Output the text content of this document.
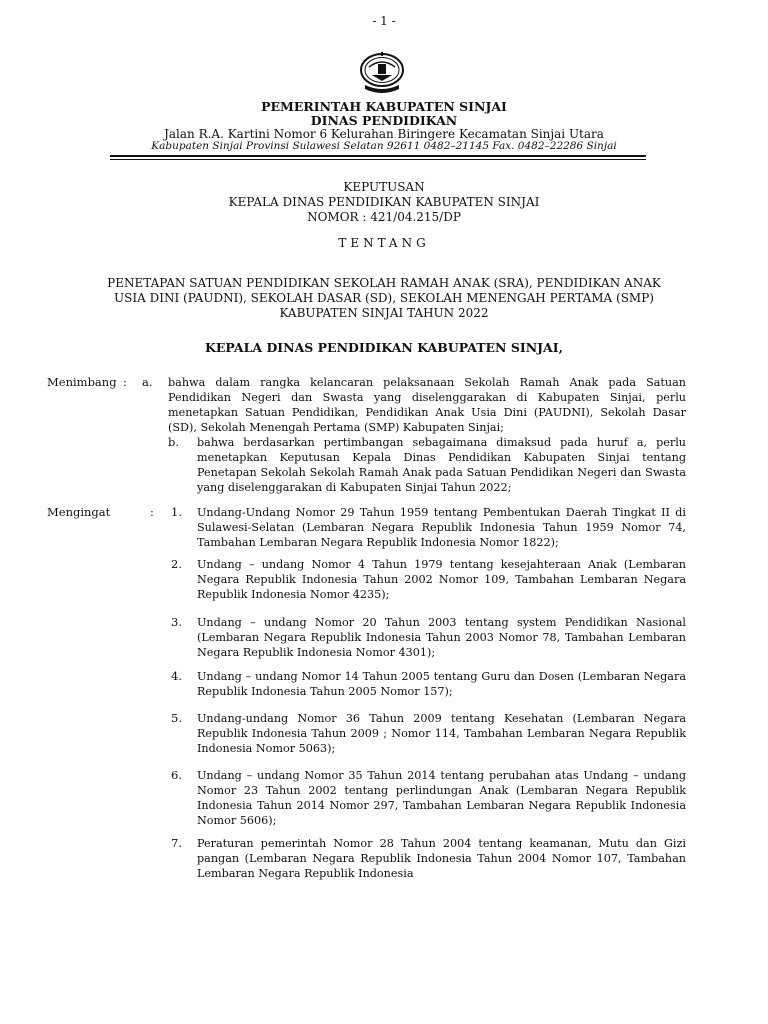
- 1 -
PEMERINTAH KABUPATEN SINJAI
DINAS PENDIDIKAN
Jalan R.A. Kartini Nomor 6 Kelurahan Biringere Kecamatan Sinjai Utara
Kabupaten Sinjai Provinsi Sulawesi Selatan 92611 0482–21145 Fax. 0482–22286 Sinjai
KEPUTUSAN
KEPALA DINAS PENDIDIKAN KABUPATEN SINJAI
NOMOR : 421/04.215/DP
TENTANG
PENETAPAN SATUAN PENDIDIKAN SEKOLAH RAMAH ANAK (SRA), PENDIDIKAN ANAK
USIA DINI (PAUDNI), SEKOLAH DASAR (SD), SEKOLAH MENENGAH PERTAMA (SMP)
KABUPATEN SINJAI TAHUN 2022
KEPALA DINAS PENDIDIKAN KABUPATEN SINJAI,
Menimbang : a. bahwa dalam rangka kelancaran pelaksanaan Sekolah Ramah Anak pada Satuan Pendidikan Negeri dan Swasta yang diselenggarakan di Kabupaten Sinjai, perlu menetapkan Satuan Pendidikan, Pendidikan Anak Usia Dini (PAUDNI), Sekolah Dasar (SD), Sekolah Menengah Pertama (SMP) Kabupaten Sinjai;
b. bahwa berdasarkan pertimbangan sebagaimana dimaksud pada huruf a, perlu menetapkan Keputusan Kepala Dinas Pendidikan Kabupaten Sinjai tentang Penetapan Sekolah Sekolah Ramah Anak pada Satuan Pendidikan Negeri dan Swasta yang diselenggarakan di Kabupaten Sinjai Tahun 2022;
Mengingat	: 1. Undang-Undang Nomor 29 Tahun 1959 tentang Pembentukan Daerah Tingkat II di Sulawesi-Selatan (Lembaran Negara Republik Indonesia Tahun 1959 Nomor 74, Tambahan Lembaran Negara Republik Indonesia Nomor 1822);
2. Undang – undang Nomor 4 Tahun 1979 tentang kesejahteraan Anak (Lembaran Negara Republik Indonesia Tahun 2002 Nomor 109, Tambahan Lembaran Negara Republik Indonesia Nomor 4235);
3. Undang – undang Nomor 20 Tahun 2003 tentang system Pendidikan Nasional (Lembaran Negara Republik Indonesia Tahun 2003 Nomor 78, Tambahan Lembaran Negara Republik Indonesia Nomor 4301);
4. Undang – undang Nomor 14 Tahun 2005 tentang Guru dan Dosen (Lembaran Negara Republik Indonesia Tahun 2005 Nomor 157);
5. Undang-undang Nomor 36 Tahun 2009 tentang Kesehatan (Lembaran Negara Republik Indonesia Tahun 2009 ; Nomor 114, Tambahan Lembaran Negara Republik Indonesia Nomor 5063);
6. Undang – undang Nomor 35 Tahun 2014 tentang perubahan atas Undang – undang Nomor 23 Tahun 2002 tentang perlindungan Anak (Lembaran Negara Republik Indonesia Tahun 2014 Nomor 297, Tambahan Lembaran Negara Republik Indonesia Nomor 5606);
7. Peraturan pemerintah Nomor 28 Tahun 2004 tentang keamanan, Mutu dan Gizi pangan (Lembaran Negara Republik Indonesia Tahun 2004 Nomor 107, Tambahan Lembaran Negara Republik Indonesia
